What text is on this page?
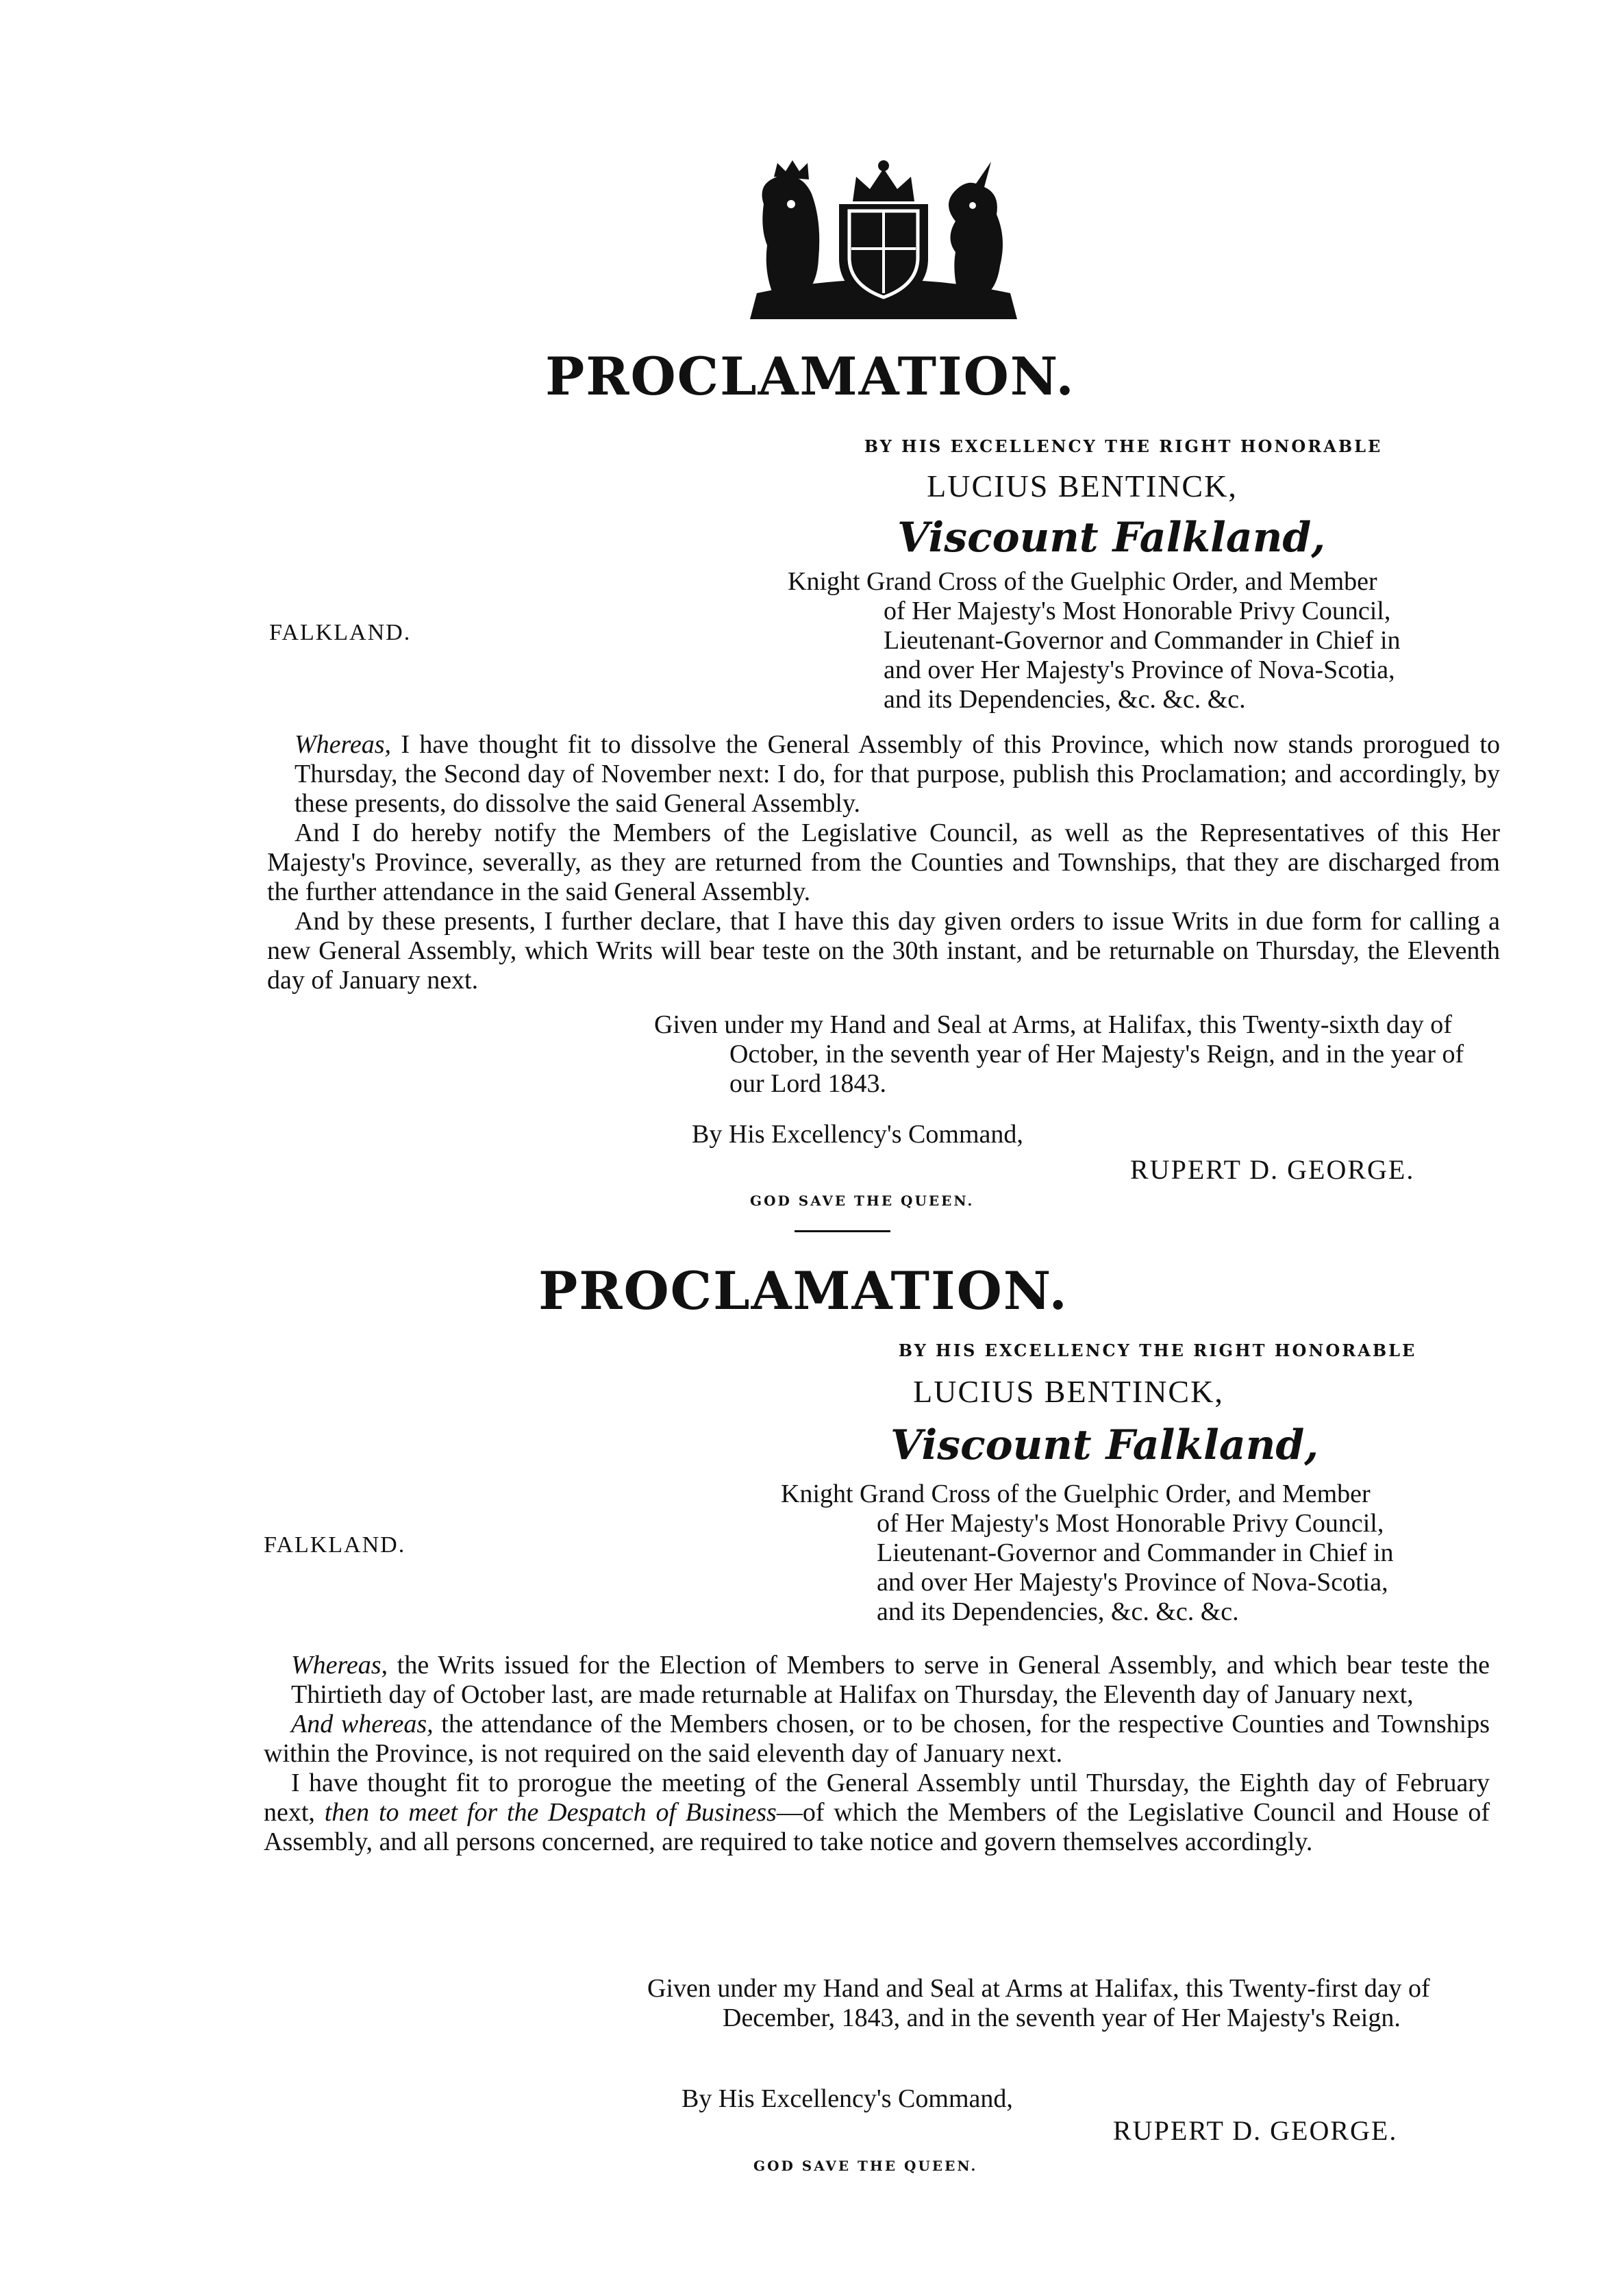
PROCLAMATION.
BY HIS EXCELLENCY THE RIGHT HONORABLE
LUCIUS BENTINCK,
Viscount Falkland,

Knight Grand Cross of the Guelphic Order, and Member

of Her Majesty's Most Honorable Privy Council,

Lieutenant-Governor and Commander in Chief in

and over Her Majesty's Province of Nova-Scotia,

and its Dependencies, &c. &c. &c.

FALKLAND.

Whereas, I have thought fit to dissolve the General Assembly of this Province, which now stands prorogued to Thursday, the Second day of November next: I do, for that purpose, publish this Proclamation; and accordingly, by these presents, do dissolve the said General Assembly.

And I do hereby notify the Members of the Legislative Council, as well as the Representatives of this Her Majesty's Province, severally, as they are returned from the Counties and Townships, that they are discharged from the further attendance in the said General Assembly.

And by these presents, I further declare, that I have this day given orders to issue Writs in due form for calling a new General Assembly, which Writs will bear teste on the 30th instant, and be returnable on Thursday, the Eleventh day of January next.

Given under my Hand and Seal at Arms, at Halifax, this Twenty-sixth day of October, in the seventh year of Her Majesty's Reign, and in the year of our Lord 1843.

By His Excellency's Command,
RUPERT D. GEORGE.
GOD SAVE THE QUEEN.
PROCLAMATION.
BY HIS EXCELLENCY THE RIGHT HONORABLE
LUCIUS BENTINCK,
Viscount Falkland,

Knight Grand Cross of the Guelphic Order, and Member

of Her Majesty's Most Honorable Privy Council,

Lieutenant-Governor and Commander in Chief in

and over Her Majesty's Province of Nova-Scotia,

and its Dependencies, &c. &c. &c.

FALKLAND.

Whereas, the Writs issued for the Election of Members to serve in General Assembly, and which bear teste the Thirtieth day of October last, are made returnable at Halifax on Thursday, the Eleventh day of January next,

And whereas, the attendance of the Members chosen, or to be chosen, for the respective Counties and Townships within the Province, is not required on the said eleventh day of January next.

I have thought fit to prorogue the meeting of the General Assembly until Thursday, the Eighth day of February next, then to meet for the Despatch of Business—of which the Members of the Legislative Council and House of Assembly, and all persons concerned, are required to take notice and govern themselves accordingly.

Given under my Hand and Seal at Arms at Halifax, this Twenty-first day of December, 1843, and in the seventh year of Her Majesty's Reign.

By His Excellency's Command,
RUPERT D. GEORGE.
GOD SAVE THE QUEEN.
